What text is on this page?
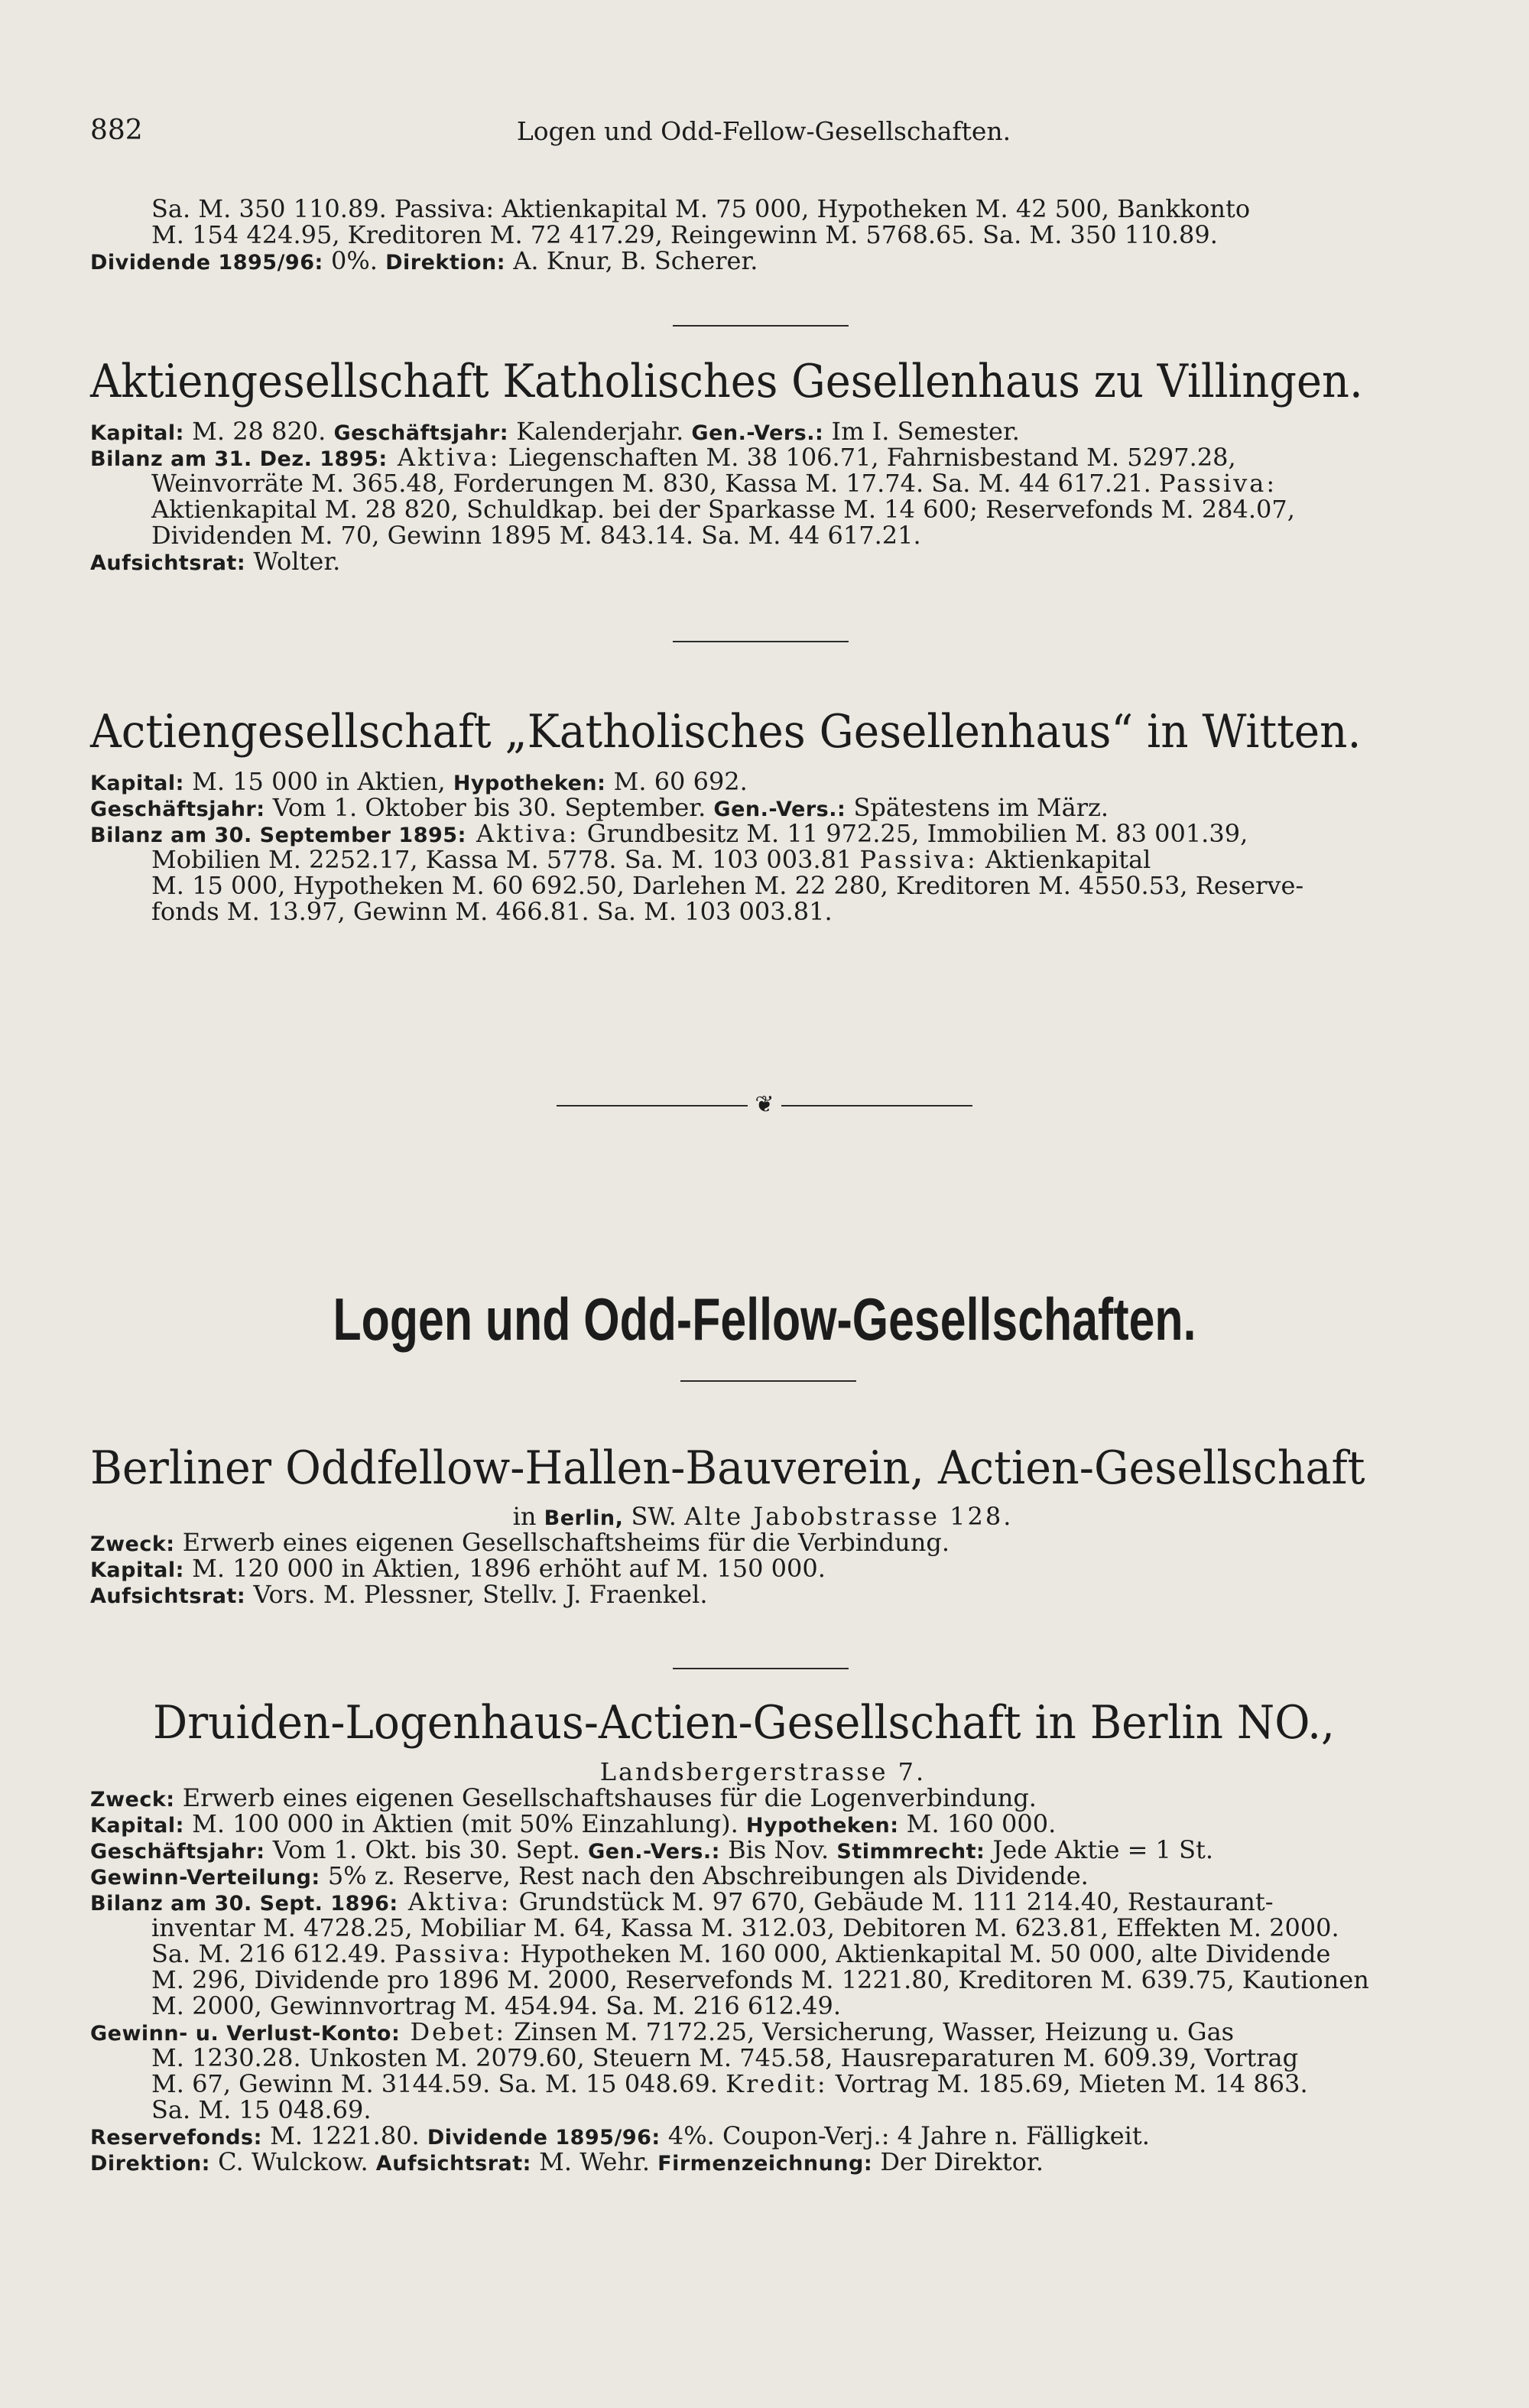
882	Logen und Odd-Fellow-Gesellschaften.
Sa. M. 350 110.89. Passiva: Aktienkapital M. 75 000, Hypotheken M. 42 500, Bankkonto
M. 154 424.95, Kreditoren M. 72 417.29, Reingewinn M. 5768.65. Sa. M. 350 110.89.
Dividende 1895/96: 0%. Direktion: A. Knur, B. Scherer.
Aktiengesellschaft Katholisches Gesellenhaus zu Villingen.
Kapital: M. 28 820. Geschäftsjahr: Kalenderjahr. Gen.-Vers.: Im I. Semester.
Bilanz am 31. Dez. 1895: Aktiva: Liegenschaften M. 38 106.71, Fahrnisbestand M. 5297.28,
Weinvorräte M. 365.48, Forderungen M. 830, Kassa M. 17.74. Sa. M. 44 617.21. Passiva:
Aktienkapital M. 28 820, Schuldkap. bei der Sparkasse M. 14 600; Reservefonds M. 284.07,
Dividenden M. 70, Gewinn 1895 M. 843.14. Sa. M. 44 617.21.
Aufsichtsrat: Wolter.
Actiengesellschaft „Katholisches Gesellenhaus“ in Witten.
Kapital: M. 15 000 in Aktien, Hypotheken: M. 60 692.
Geschäftsjahr: Vom 1. Oktober bis 30. September. Gen.-Vers.: Spätestens im März.
Bilanz am 30. September 1895: Aktiva: Grundbesitz M. 11 972.25, Immobilien M. 83 001.39,
Mobilien M. 2252.17, Kassa M. 5778. Sa. M. 103 003.81 Passiva: Aktienkapital
M. 15 000, Hypotheken M. 60 692.50, Darlehen M. 22 280, Kreditoren M. 4550.53, Reserve-
fonds M. 13.97, Gewinn M. 466.81. Sa. M. 103 003.81.
❦
Logen und Odd-Fellow-Gesellschaften.
Berliner Oddfellow-Hallen-Bauverein, Actien-Gesellschaft
in Berlin, SW. Alte Jabobstrasse 128.
Zweck: Erwerb eines eigenen Gesellschaftsheims für die Verbindung.
Kapital: M. 120 000 in Aktien, 1896 erhöht auf M. 150 000.
Aufsichtsrat: Vors. M. Plessner, Stellv. J. Fraenkel.
Druiden-Logenhaus-Actien-Gesellschaft in Berlin NO.,
Landsbergerstrasse 7.
Zweck: Erwerb eines eigenen Gesellschaftshauses für die Logenverbindung.
Kapital: M. 100 000 in Aktien (mit 50% Einzahlung). Hypotheken: M. 160 000.
Geschäftsjahr: Vom 1. Okt. bis 30. Sept. Gen.-Vers.: Bis Nov. Stimmrecht: Jede Aktie = 1 St.
Gewinn-Verteilung: 5% z. Reserve, Rest nach den Abschreibungen als Dividende.
Bilanz am 30. Sept. 1896: Aktiva: Grundstück M. 97 670, Gebäude M. 111 214.40, Restaurant-
inventar M. 4728.25, Mobiliar M. 64, Kassa M. 312.03, Debitoren M. 623.81, Effekten M. 2000.
Sa. M. 216 612.49. Passiva: Hypotheken M. 160 000, Aktienkapital M. 50 000, alte Dividende
M. 296, Dividende pro 1896 M. 2000, Reservefonds M. 1221.80, Kreditoren M. 639.75, Kautionen
M. 2000, Gewinnvortrag M. 454.94. Sa. M. 216 612.49.
Gewinn- u. Verlust-Konto: Debet: Zinsen M. 7172.25, Versicherung, Wasser, Heizung u. Gas
M. 1230.28. Unkosten M. 2079.60, Steuern M. 745.58, Hausreparaturen M. 609.39, Vortrag
M. 67, Gewinn M. 3144.59. Sa. M. 15 048.69. Kredit: Vortrag M. 185.69, Mieten M. 14 863.
Sa. M. 15 048.69.
Reservefonds: M. 1221.80. Dividende 1895/96: 4%. Coupon-Verj.: 4 Jahre n. Fälligkeit.
Direktion: C. Wulckow. Aufsichtsrat: M. Wehr. Firmenzeichnung: Der Direktor.
